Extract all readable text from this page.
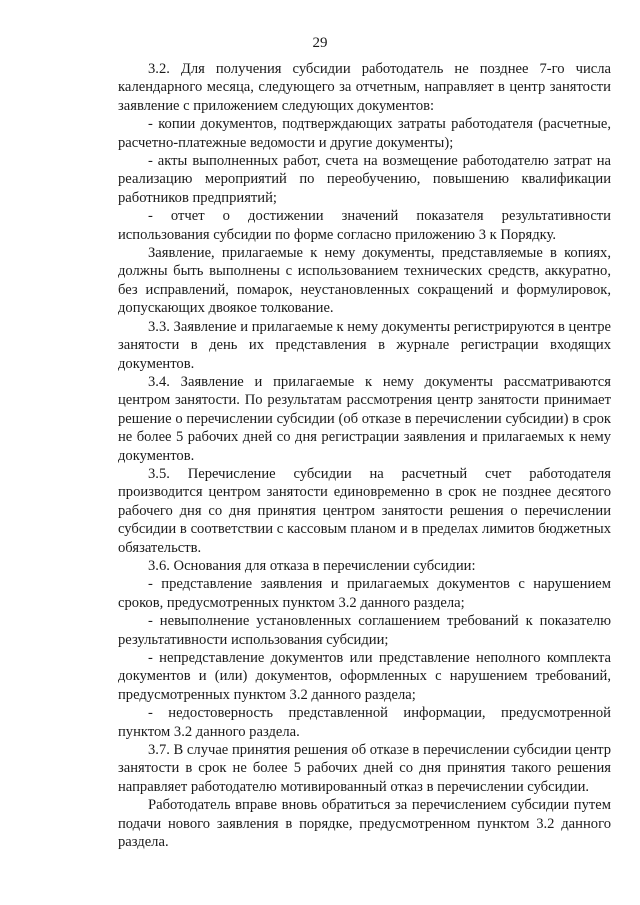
29

3.2. Для получения субсидии работодатель не позднее 7-го числа календарного месяца, следующего за отчетным, направляет в центр занятости заявление с приложением следующих документов:

- копии документов, подтверждающих затраты работодателя (расчетные, расчетно-платежные ведомости и другие документы);

- акты выполненных работ, счета на возмещение работодателю затрат на реализацию мероприятий по переобучению, повышению квалификации работников предприятий;

- отчет о достижении значений показателя результативности использования субсидии по форме согласно приложению 3 к Порядку.

Заявление, прилагаемые к нему документы, представляемые в копиях, должны быть выполнены с использованием технических средств, аккуратно, без исправлений, помарок, неустановленных сокращений и формулировок, допускающих двоякое толкование.

3.3. Заявление и прилагаемые к нему документы регистрируются в центре занятости в день их представления в журнале регистрации входящих документов.

3.4. Заявление и прилагаемые к нему документы рассматриваются центром занятости. По результатам рассмотрения центр занятости принимает решение о перечислении субсидии (об отказе в перечислении субсидии) в срок не более 5 рабочих дней со дня регистрации заявления и прилагаемых к нему документов.

3.5. Перечисление субсидии на расчетный счет работодателя производится центром занятости единовременно в срок не позднее десятого рабочего дня со дня принятия центром занятости решения о перечислении субсидии в соответствии с кассовым планом и в пределах лимитов бюджетных обязательств.

3.6. Основания для отказа в перечислении субсидии:

- представление заявления и прилагаемых документов с нарушением сроков, предусмотренных пунктом 3.2 данного раздела;

- невыполнение установленных соглашением требований к показателю результативности использования субсидии;

- непредставление документов или представление неполного комплекта документов и (или) документов, оформленных с нарушением требований, предусмотренных пунктом 3.2 данного раздела;

- недостоверность представленной информации, предусмотренной пунктом 3.2 данного раздела.

3.7. В случае принятия решения об отказе в перечислении субсидии центр занятости в срок не более 5 рабочих дней со дня принятия такого решения направляет работодателю мотивированный отказ в перечислении субсидии.

Работодатель вправе вновь обратиться за перечислением субсидии путем подачи нового заявления в порядке, предусмотренном пунктом 3.2 данного раздела.
